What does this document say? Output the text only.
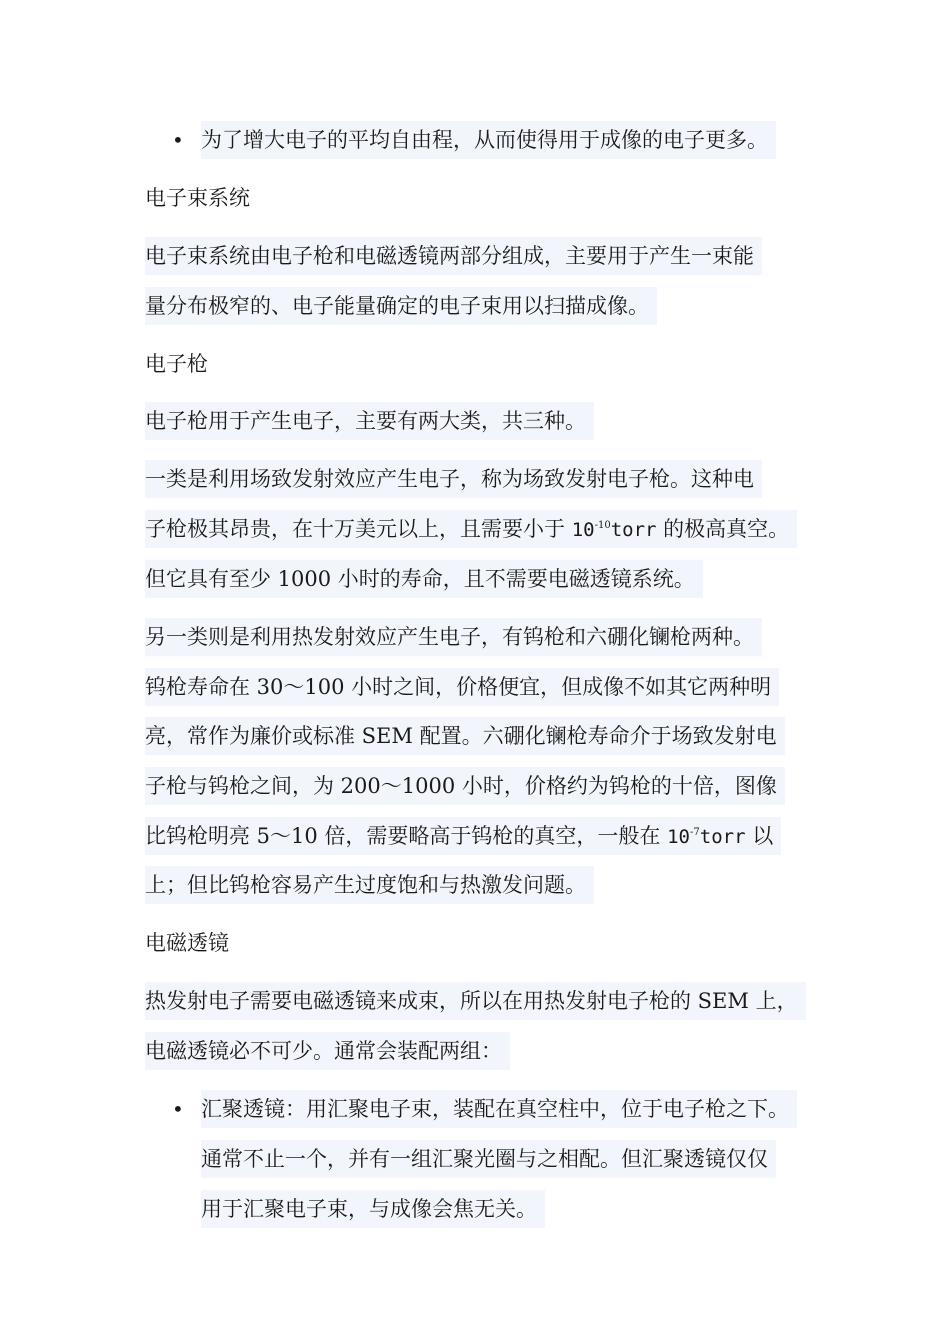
• 为了增大电子的平均自由程，从而使得用于成像的电子更多。
电子束系统
电子束系统由电子枪和电磁透镜两部分组成，主要用于产生一束能
量分布极窄的、电子能量确定的电子束用以扫描成像。
电子枪
电子枪用于产生电子，主要有两大类，共三种。
一类是利用场致发射效应产生电子，称为场致发射电子枪。这种电
子枪极其昂贵，在十万美元以上，且需要小于 $10^{-10}torr$ 的极高真空。
但它具有至少 1000 小时的寿命，且不需要电磁透镜系统。
另一类则是利用热发射效应产生电子，有钨枪和六硼化镧枪两种。
钨枪寿命在 30～100 小时之间，价格便宜，但成像不如其它两种明
亮，常作为廉价或标准 SEM 配置。六硼化镧枪寿命介于场致发射电
子枪与钨枪之间，为 200～1000 小时，价格约为钨枪的十倍，图像
比钨枪明亮 5～10 倍，需要略高于钨枪的真空，一般在 $10^{-7}torr$ 以
上；但比钨枪容易产生过度饱和与热激发问题。
电磁透镜
热发射电子需要电磁透镜来成束，所以在用热发射电子枪的 SEM 上，
电磁透镜必不可少。通常会装配两组：
• 汇聚透镜：用汇聚电子束，装配在真空柱中，位于电子枪之下。
通常不止一个，并有一组汇聚光圈与之相配。但汇聚透镜仅仅
用于汇聚电子束，与成像会焦无关。
